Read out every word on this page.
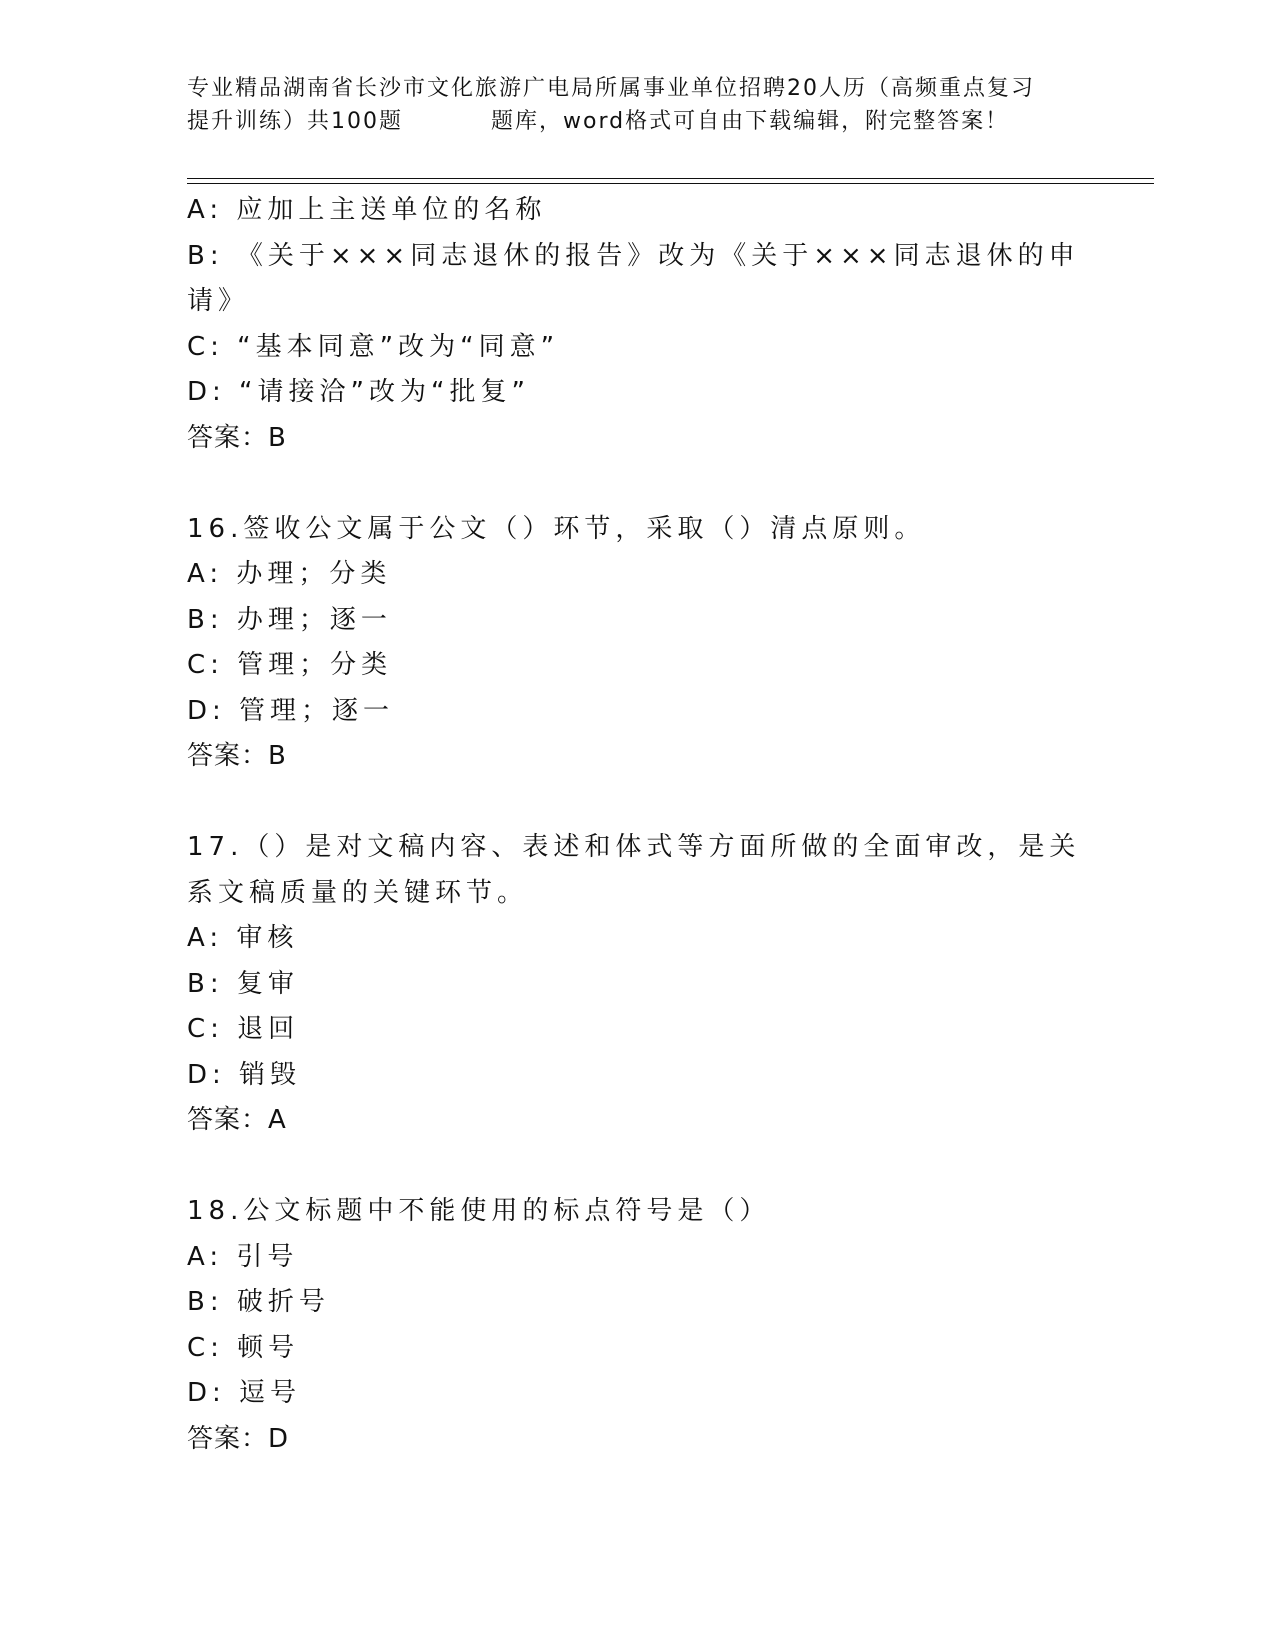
专业精品湖南省长沙市文化旅游广电局所属事业单位招聘20人历（高频重点复习
提升训练）共100题	题库，word格式可自由下载编辑，附完整答案！
A: 应加上主送单位的名称
B: 《关于×××同志退休的报告》改为《关于×××同志退休的申请》
C: “基本同意”改为“同意”
D: “请接洽”改为“批复”
答案：B
16.签收公文属于公文（）环节，采取（）清点原则。
A: 办理；分类
B: 办理；逐一
C: 管理；分类
D: 管理；逐一
答案：B
17.（）是对文稿内容、表述和体式等方面所做的全面审改，是关系文稿质量的关键环节。
A: 审核
B: 复审
C: 退回
D: 销毁
答案：A
18.公文标题中不能使用的标点符号是（）
A: 引号
B: 破折号
C: 顿号
D: 逗号
答案：D
